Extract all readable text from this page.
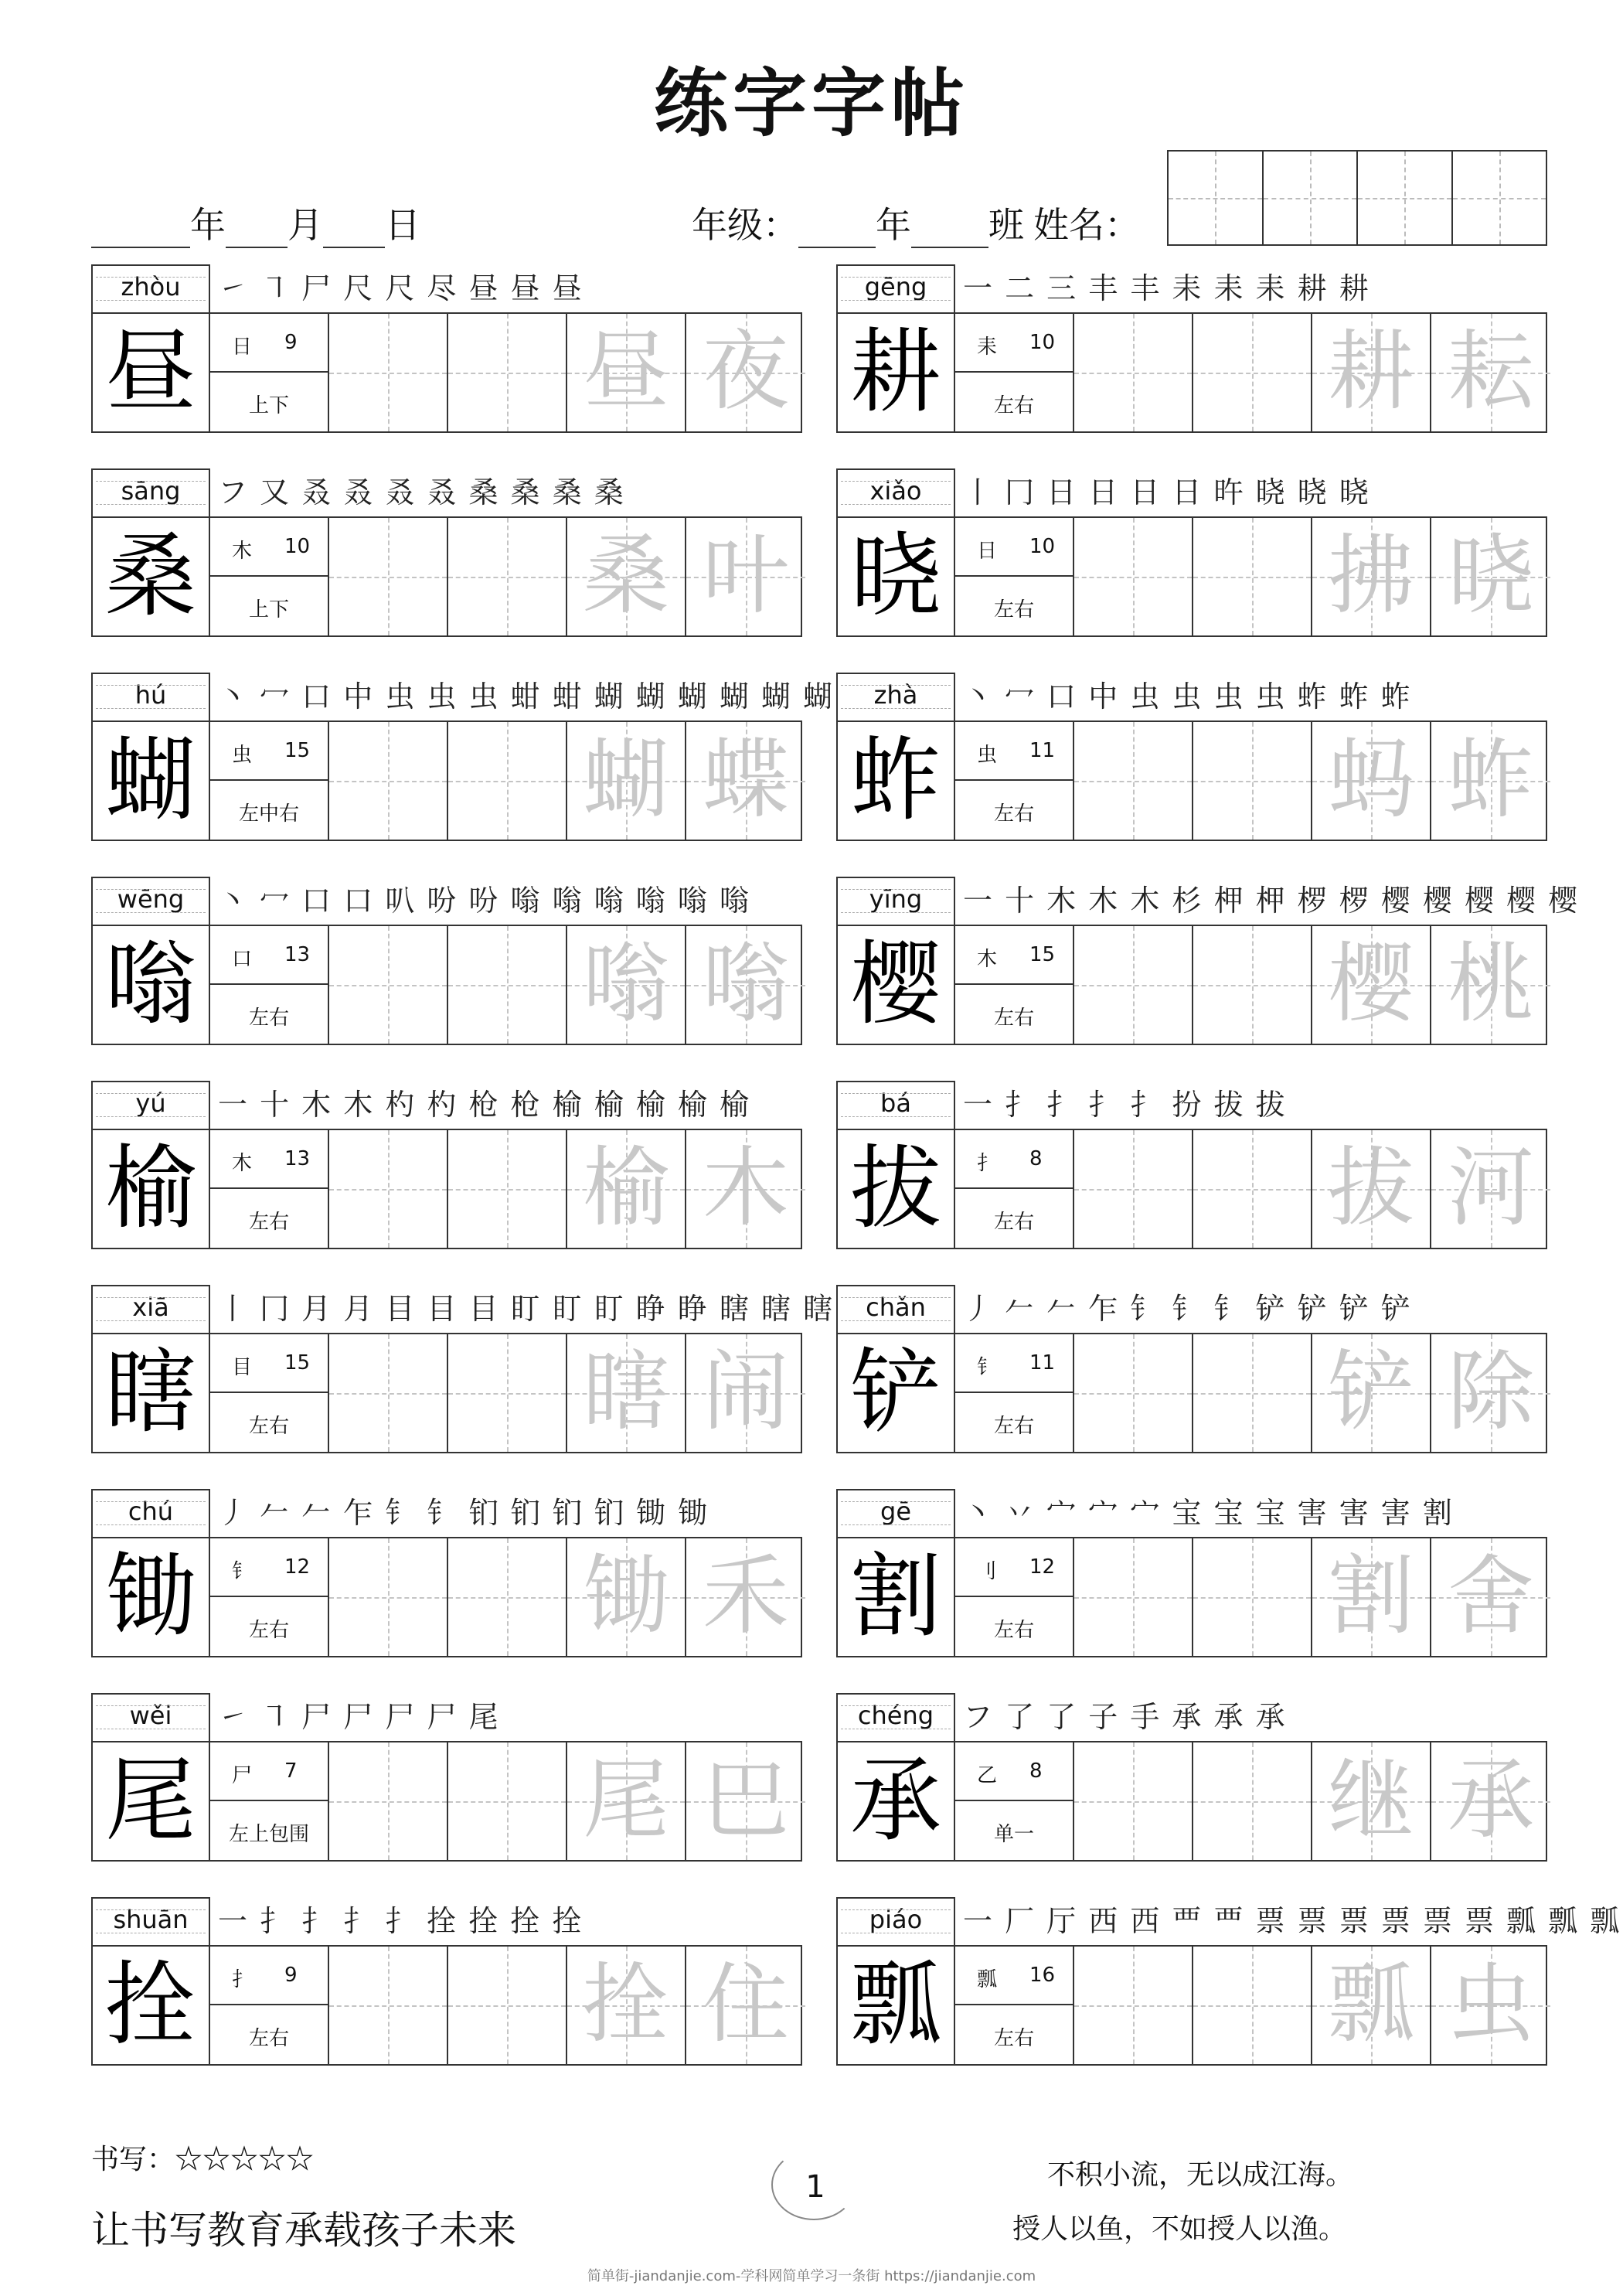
练字字帖
年 月 日	年级： 年 班 姓名：
zhòu	㇀ ㇕ 尸 尺 尺 尽 昼 昼 昼
昼	日 9
上下	昼 夜
gēng	一 二 三 丰 丰 耒 耒 耒 耕 耕
耕	耒 10
左右	耕 耘
sāng	フ 又 叒 叒 叒 叒 桑 桑 桑 桑
桑	木 10
上下	桑 叶
xiǎo	丨 冂 日 日 日 日 旿 晓 晓 晓
晓	日 10
左右	拂 晓
hú	丶 冖 口 中 虫 虫 虫 蚶 蚶 蝴 蝴 蝴 蝴 蝴 蝴
蝴	虫 15
左中右	蝴 蝶
zhà	丶 冖 口 中 虫 虫 虫 虫 蚱 蚱 蚱
蚱	虫 11
左右	蚂 蚱
wēng	丶 冖 口 口 叭 吩 吩 嗡 嗡 嗡 嗡 嗡 嗡
嗡	口 13
左右	嗡 嗡
yīng	一 十 木 木 木 杉 柙 柙 椤 椤 樱 樱 樱 樱 樱
樱	木 15
左右	樱 桃
yú	一 十 木 木 杓 杓 枪 枪 榆 榆 榆 榆 榆
榆	木 13
左右	榆 木
bá	一 扌 扌 扌 扌 扮 拔 拔
拔	扌 8
左右	拔 河
xiā	丨 冂 月 月 目 目 目 盯 盯 盯 睁 睁 瞎 瞎 瞎
瞎	目 15
左右	瞎 闹
chǎn	丿 𠂉 𠂉 乍 钅 钅 钅 铲 铲 铲 铲
铲	钅 11
左右	铲 除
chú	丿 𠂉 𠂉 乍 钅 钅 钔 钔 钔 钔 锄 锄
锄	钅 12
左右	锄 禾
gē	丶 丷 宀 宀 宀 宝 宝 宝 害 害 害 割
割	刂 12
左右	割 舍
wěi	㇀ ㇕ 尸 尸 尸 尸 尾
尾	尸 7
左上包围	尾 巴
chéng フ 了 了 子 手 承 承 承
承	乙 8
单一	继 承
shuān	一 扌 扌 扌 扌 拴 拴 拴 拴
拴	扌 9
左右	拴 住
piáo	一 厂 厅 西 西 覀 覀 票 票 票 票 票 票 瓢 瓢 瓢
瓢	瓢 16
左右	瓢 虫
书写：☆☆☆☆☆
让书写教育承载孩子未来
1	不积小流，无以成江海。
授人以鱼，不如授人以渔。
简单街-jiandanjie.com-学科网简单学习一条街 https://jiandanjie.com
